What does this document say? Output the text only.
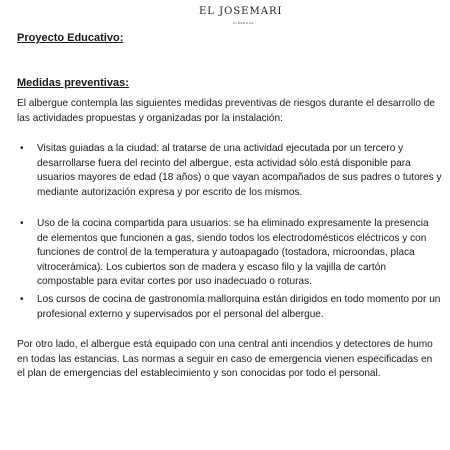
EL JOSEMARI
ALBERGUE
Proyecto Educativo:
Medidas preventivas:

El albergue contempla las siguientes medidas preventivas de riesgos durante el desarrollo de las actividades propuestas y organizadas por la instalación:

• Visitas guiadas a la ciudad: al tratarse de una actividad ejecutada por un tercero y desarrollarse fuera del recinto del albergue, esta actividad sólo está disponible para usuarios mayores de edad (18 años) o que vayan acompañados de sus padres o tutores y mediante autorización expresa y por escrito de los mismos.

• Uso de la cocina compartida para usuarios: se ha eliminado expresamente la presencia de elementos que funcionen a gas, siendo todos los electrodomésticos eléctricos y con funciones de control de la temperatura y autoapagado (tostadora, microondas, placa vitrocerámica). Los cubiertos son de madera y escaso filo y la vajilla de cartón compostable para evitar cortes por uso inadecuado o roturas.

• Los cursos de cocina de gastronomía mallorquina están dirigidos en todo momento por un profesional externo y supervisados por el personal del albergue.

Por otro lado, el albergue está equipado con una central anti incendios y detectores de humo en todas las estancias. Las normas a seguir en caso de emergencia vienen especificadas en el plan de emergencias del establecimiento y son conocidas por todo el personal.
